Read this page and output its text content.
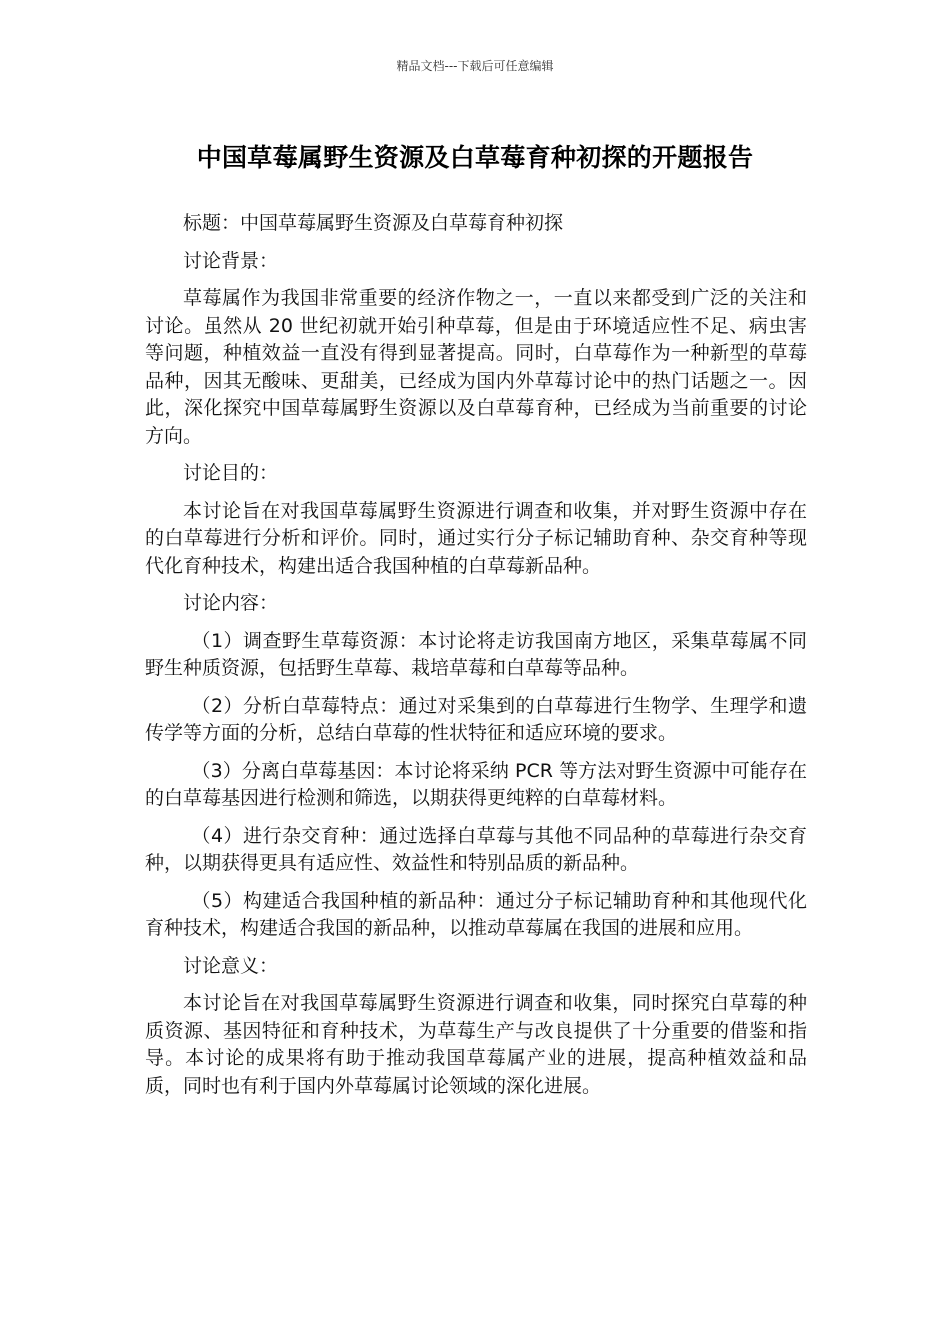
精品文档---下载后可任意编辑
中国草莓属野生资源及白草莓育种初探的开题报告

标题：中国草莓属野生资源及白草莓育种初探

讨论背景：

草莓属作为我国非常重要的经济作物之一，一直以来都受到广泛的关注和讨论。虽然从 20 世纪初就开始引种草莓，但是由于环境适应性不足、病虫害等问题，种植效益一直没有得到显著提高。同时，白草莓作为一种新型的草莓品种，因其无酸味、更甜美，已经成为国内外草莓讨论中的热门话题之一。因此，深化探究中国草莓属野生资源以及白草莓育种，已经成为当前重要的讨论方向。

讨论目的：

本讨论旨在对我国草莓属野生资源进行调查和收集，并对野生资源中存在的白草莓进行分析和评价。同时，通过实行分子标记辅助育种、杂交育种等现代化育种技术，构建出适合我国种植的白草莓新品种。

讨论内容：

（1）调查野生草莓资源：本讨论将走访我国南方地区，采集草莓属不同野生种质资源，包括野生草莓、栽培草莓和白草莓等品种。

（2）分析白草莓特点：通过对采集到的白草莓进行生物学、生理学和遗传学等方面的分析，总结白草莓的性状特征和适应环境的要求。

（3）分离白草莓基因：本讨论将采纳 PCR 等方法对野生资源中可能存在的白草莓基因进行检测和筛选，以期获得更纯粹的白草莓材料。

（4）进行杂交育种：通过选择白草莓与其他不同品种的草莓进行杂交育种，以期获得更具有适应性、效益性和特别品质的新品种。

（5）构建适合我国种植的新品种：通过分子标记辅助育种和其他现代化育种技术，构建适合我国的新品种，以推动草莓属在我国的进展和应用。

讨论意义：

本讨论旨在对我国草莓属野生资源进行调查和收集，同时探究白草莓的种质资源、基因特征和育种技术，为草莓生产与改良提供了十分重要的借鉴和指导。本讨论的成果将有助于推动我国草莓属产业的进展，提高种植效益和品质，同时也有利于国内外草莓属讨论领域的深化进展。
